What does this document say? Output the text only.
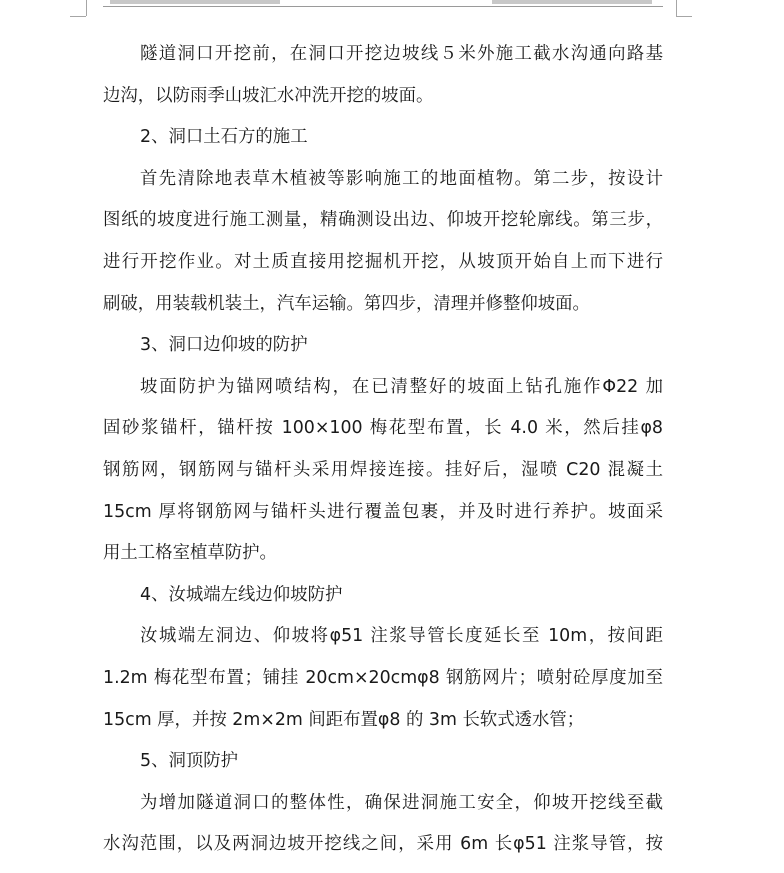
隧道洞口开挖前，在洞口开挖边坡线５米外施工截水沟通向路基
边沟，以防雨季山坡汇水冲洗开挖的坡面。
2、洞口土石方的施工
首先清除地表草木植被等影响施工的地面植物。第二步，按设计
图纸的坡度进行施工测量，精确测设出边、仰坡开挖轮廓线。第三步，
进行开挖作业。对土质直接用挖掘机开挖，从坡顶开始自上而下进行
刷破，用装载机装土，汽车运输。第四步，清理并修整仰坡面。
3、洞口边仰坡的防护
坡面防护为锚网喷结构，在已清整好的坡面上钻孔施作Φ22 加
固砂浆锚杆，锚杆按 100×100 梅花型布置，长 4.0 米，然后挂φ8
钢筋网，钢筋网与锚杆头采用焊接连接。挂好后，湿喷 C20 混凝土
15cm 厚将钢筋网与锚杆头进行覆盖包裹，并及时进行养护。坡面采
用土工格室植草防护。
4、汝城端左线边仰坡防护
汝城端左洞边、仰坡将φ51 注浆导管长度延长至 10m，按间距
1.2m 梅花型布置；铺挂 20cm×20cmφ8 钢筋网片；喷射砼厚度加至
15cm 厚，并按 2m×2m 间距布置φ8 的 3m 长软式透水管；
5、洞顶防护
为增加隧道洞口的整体性，确保进洞施工安全，仰坡开挖线至截
水沟范围，以及两洞边坡开挖线之间，采用 6m 长φ51 注浆导管，按
